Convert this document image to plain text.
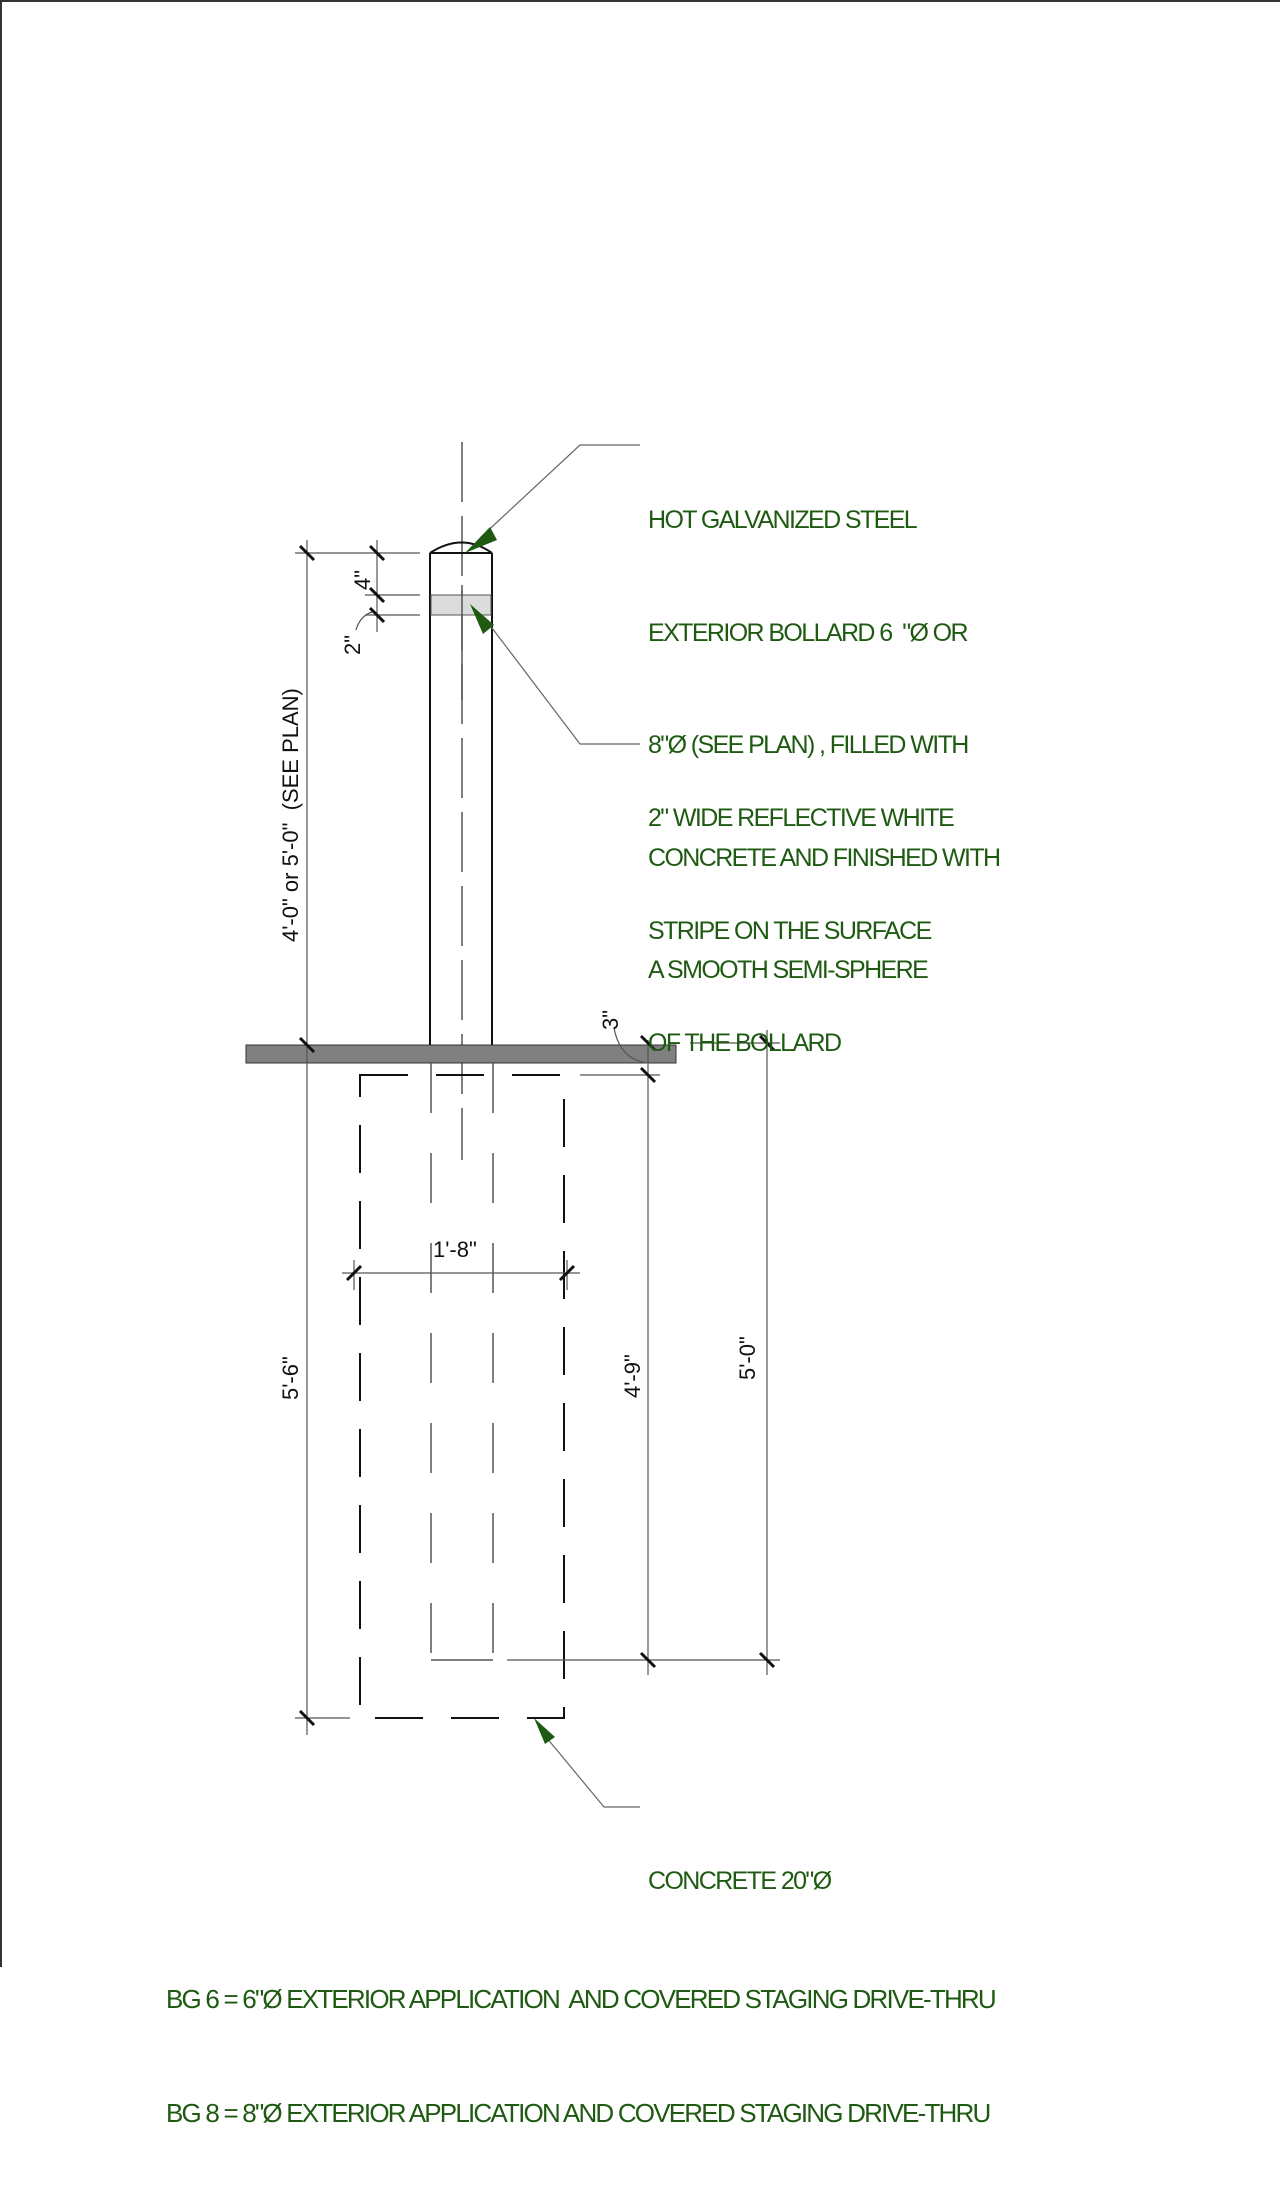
HOT GALVANIZED STEEL

EXTERIOR BOLLARD 6  "Ø OR

8"Ø (SEE PLAN) , FILLED WITH

CONCRETE AND FINISHED WITH

A SMOOTH SEMI-SPHERE

2" WIDE REFLECTIVE WHITE

STRIPE ON THE SURFACE

OF THE BOLLARD

CONCRETE 20"Ø

4"
2"
4'-0" or 5'-0"  (SEE PLAN)
3"
1'-8"
5'-6"	4'-9"	5'-0"

BG 6 = 6"Ø EXTERIOR APPLICATION  AND COVERED STAGING DRIVE-THRU

BG 8 = 8"Ø EXTERIOR APPLICATION AND COVERED STAGING DRIVE-THRU
